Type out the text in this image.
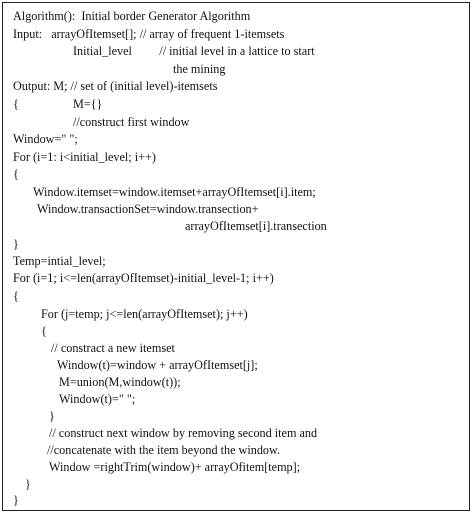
Algorithm():  Initial border Generator Algorithm

Input:   arrayOfItemset[]; // array of frequent 1-itemsets

Initial_level         // initial level in a lattice to start

the mining

Output: M; // set of (initial level)-itemsets

{	M={}

//construct first window

Window=" ";

For (i=1: i<initial_level; i++)

{

Window.itemset=window.itemset+arrayOfItemset[i].item;

Window.transactionSet=window.transection+

arrayOfItemset[i].transection

}

Temp=intial_level;

For (i=1; i<=len(arrayOfItemset)-initial_level-1; i++)

{

For (j=temp; j<=len(arrayOfItemset); j++)

{

// constract a new itemset

Window(t)=window + arrayOfItemset[j];

M=union(M,window(t));

Window(t)=" ";

}

// construct next window by removing second item and

//concatenate with the item beyond the window.

Window =rightTrim(window)+ arrayOfitem[temp];

}

}
